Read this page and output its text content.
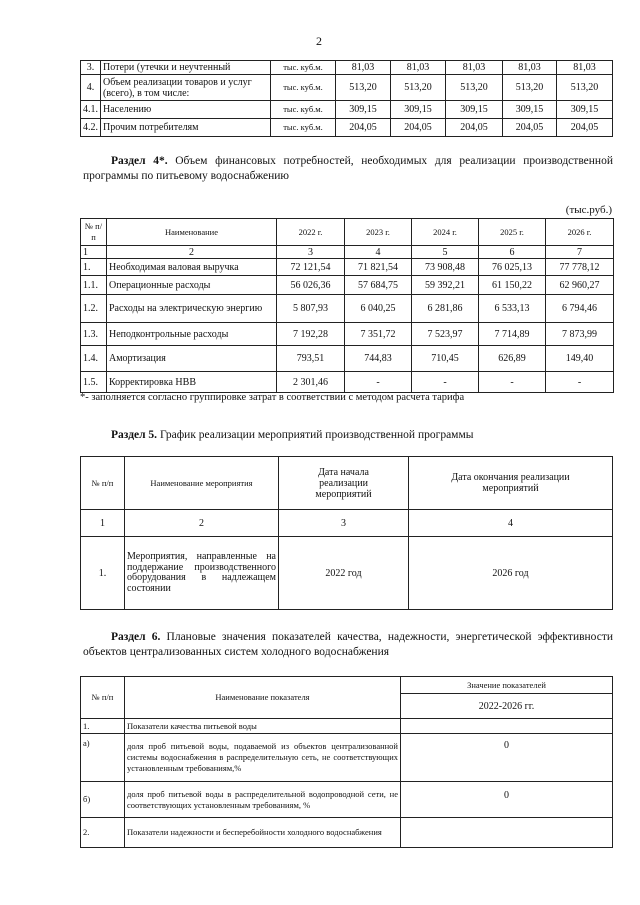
2
3.	Потери (утечки и неучтенный	тыс. куб.м.	81,03	81,03	81,03	81,03	81,03
4.	Объем реализации товаров и услуг (всего), в том числе:	тыс. куб.м.	513,20	513,20	513,20	513,20	513,20
4.1.	Населению	тыс. куб.м.	309,15	309,15	309,15	309,15	309,15
4.2.	Прочим потребителям	тыс. куб.м.	204,05	204,05	204,05	204,05	204,05
Раздел 4*. Объем финансовых потребностей, необходимых для реализации производственной программы по питьевому водоснабжению
(тыс.руб.)
№ п/п	Наименование	2022 г.	2023 г.	2024 г.	2025 г.	2026 г.
1	2	3	4	5	6	7
1.	Необходимая валовая выручка	72 121,54	71 821,54	73 908,48	76 025,13	77 778,12
1.1.	Операционные расходы	56 026,36	57 684,75	59 392,21	61 150,22	62 960,27
1.2.	Расходы на электрическую энергию	5 807,93	6 040,25	6 281,86	6 533,13	6 794,46
1.3.	Неподконтрольные расходы	7 192,28	7 351,72	7 523,97	7 714,89	7 873,99
1.4.	Амортизация	793,51	744,83	710,45	626,89	149,40
1.5.	Корректировка НВВ	2 301,46	-	-	-	-
*- заполняется согласно группировке затрат в соответствии с методом расчета тарифа
Раздел 5. График реализации мероприятий производственной программы
№ п/п	Наименование мероприятия	Дата начала реализации мероприятий	Дата окончания реализации мероприятий
1	2	3	4
1.	Мероприятия, направленные на поддержание производственного оборудования в надлежащем состоянии	2022 год	2026 год
Раздел 6. Плановые значения показателей качества, надежности, энергетической эффективности объектов централизованных систем холодного водоснабжения
№ п/п	Наименование показателя	Значение показателей
		2022-2026 гг.
1.	Показатели качества питьевой воды	
а)	доля проб питьевой воды, подаваемой из объектов централизованной системы водоснабжения в распределительную сеть, не соответствующих установленным требованиям,%	0
б)	доля проб питьевой воды в распределительной водопроводной сети, не соответствующих установленным требованиям, %	0
2.	Показатели надежности и бесперебойности холодного водоснабжения	
